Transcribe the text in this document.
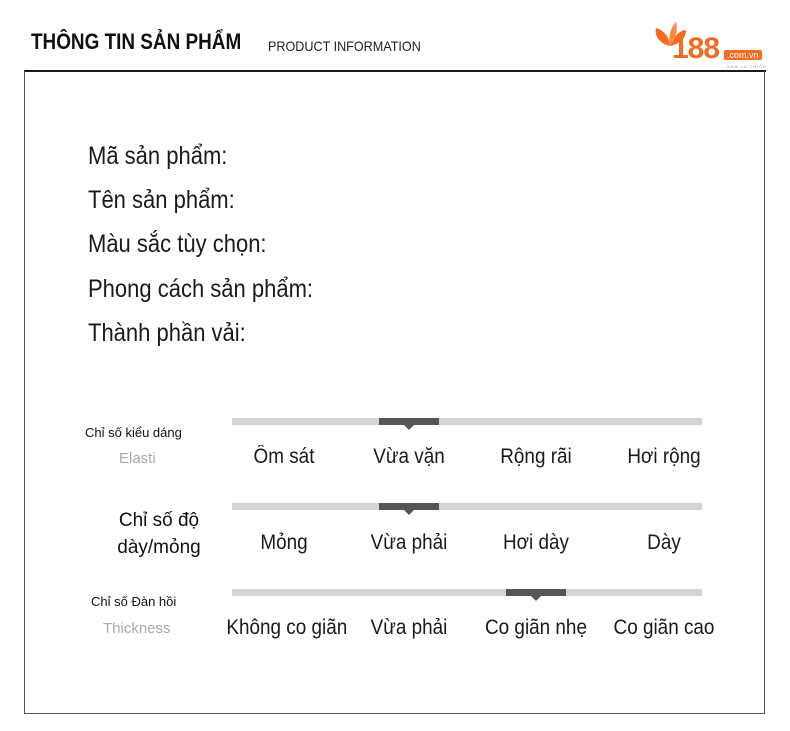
THÔNG TIN SẢN PHẨM PRODUCT INFORMATION	188 .com.vn
XEM LÀ THÍCH
Mã sản phẩm:
Tên sản phẩm:
Màu sắc tùy chọn:
Phong cách sản phẩm:
Thành phần vải:
Chỉ số kiểu dáng
Elasti	Ôm sát	Vừa vặn	Rộng rãi	Hơi rộng
Chỉ số độ
dày/mỏng	Mỏng	Vừa phải	Hơi dày	Dày
Chỉ số Đàn hồi
Thickness	Không co giãn	Vừa phải	Co giãn nhẹ	Co giãn cao
